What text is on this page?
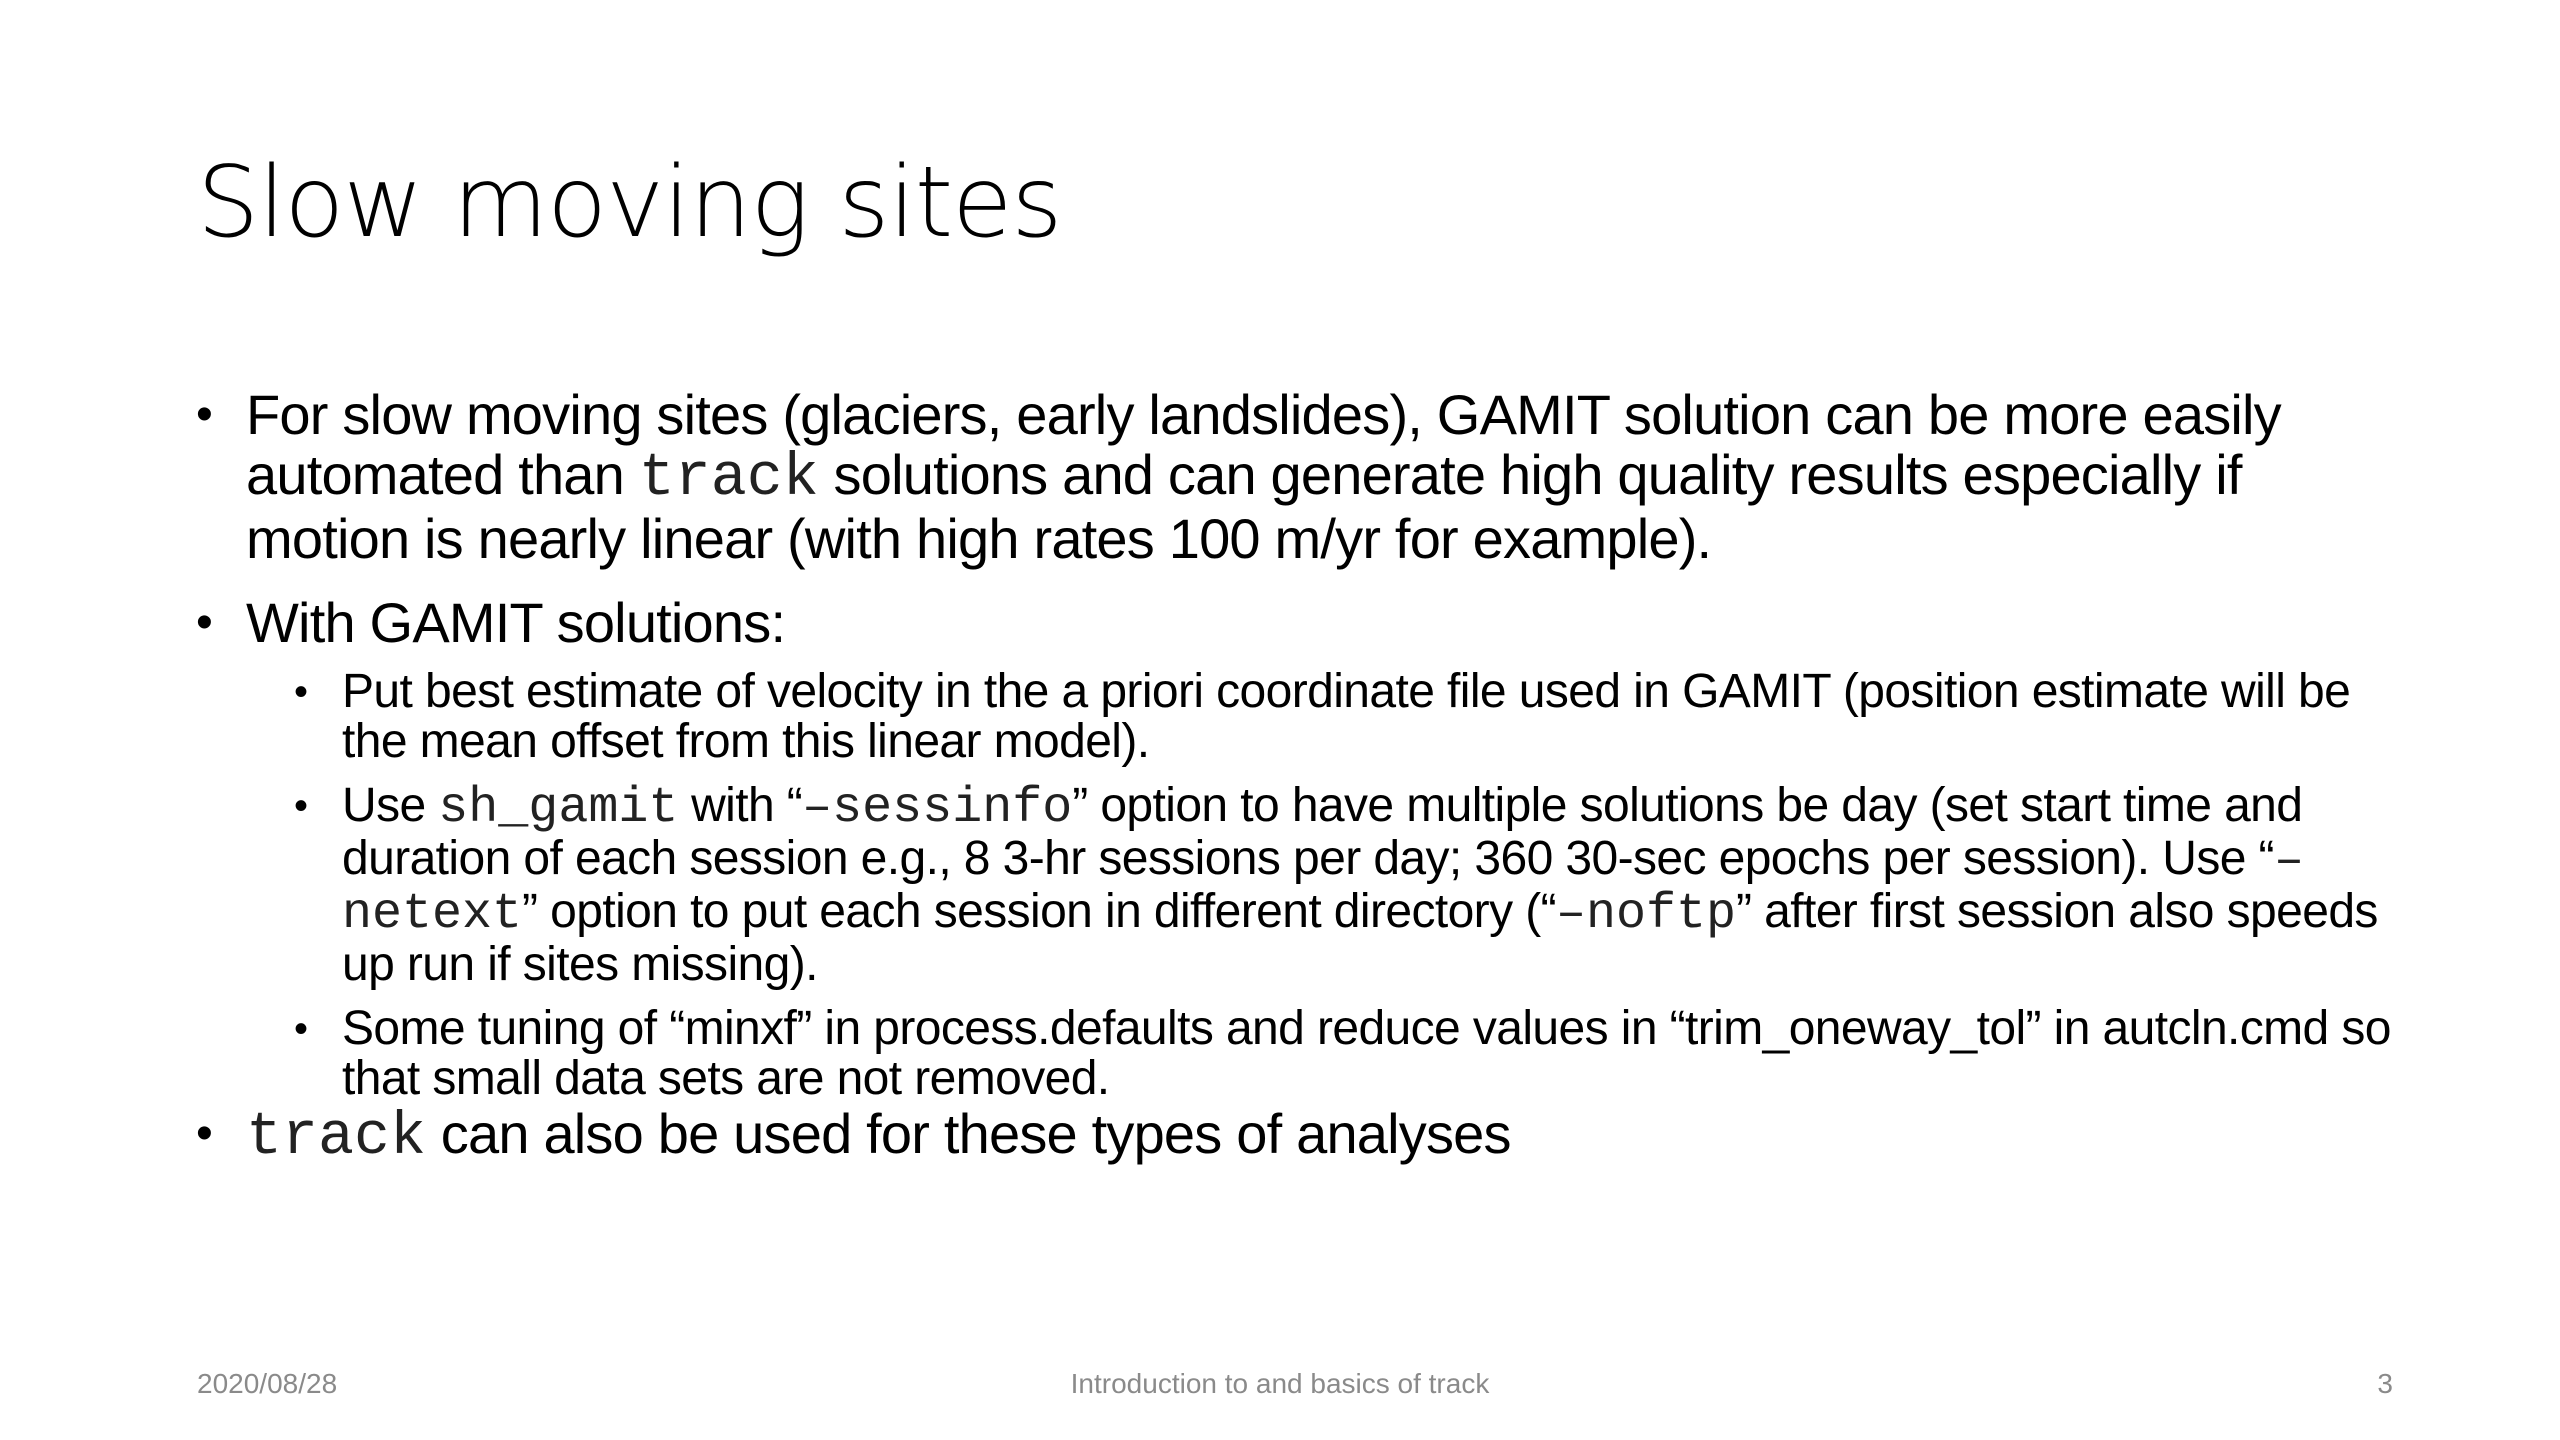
Slow moving sites

• For slow moving sites (glaciers, early landslides), GAMIT solution can be more easily automated than track solutions and can generate high quality results especially if motion is nearly linear (with high rates 100 m/yr for example).

• With GAMIT solutions:

• Put best estimate of velocity in the a priori coordinate file used in GAMIT (position estimate will be the mean offset from this linear model).

• Use sh_gamit with “–sessinfo” option to have multiple solutions be day (set start time and duration of each session e.g., 8 3-hr sessions per day; 360 30-sec epochs per session). Use “–netext” option to put each session in different directory (“–noftp” after first session also speeds up run if sites missing).

• Some tuning of “minxf” in process.defaults and reduce values in “trim_oneway_tol” in autcln.cmd so that small data sets are not removed.

• track can also be used for these types of analyses

2020/08/28	Introduction to and basics of track	3
